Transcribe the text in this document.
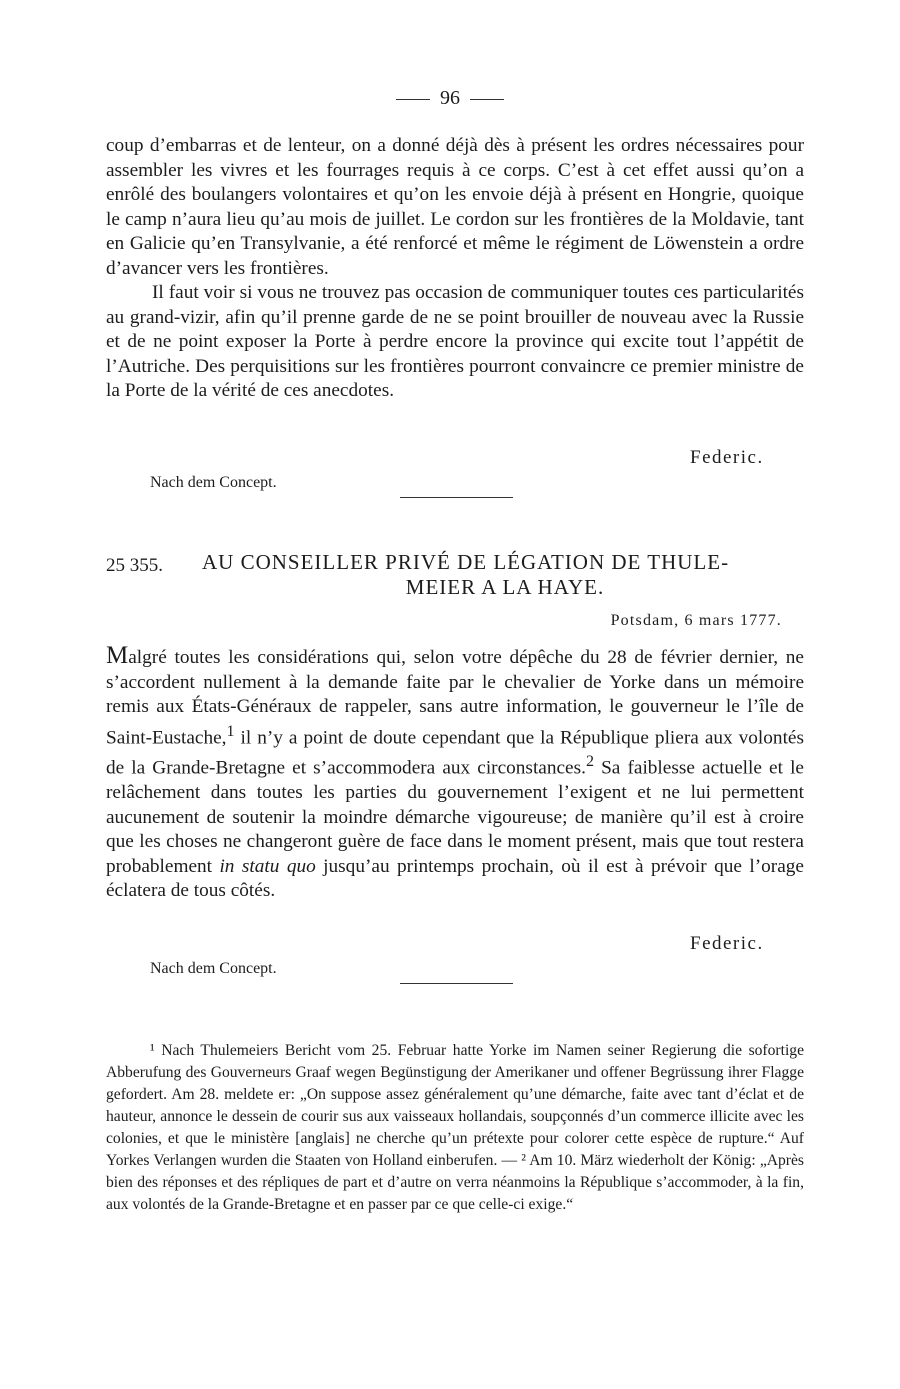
96

coup d’embarras et de lenteur, on a donné déjà dès à présent les ordres nécessaires pour assembler les vivres et les fourrages requis à ce corps. C’est à cet effet aussi qu’on a enrôlé des boulangers volontaires et qu’on les envoie déjà à présent en Hongrie, quoique le camp n’aura lieu qu’au mois de juillet. Le cordon sur les frontières de la Moldavie, tant en Galicie qu’en Transylvanie, a été renforcé et même le régiment de Löwenstein a ordre d’avancer vers les frontières.

Il faut voir si vous ne trouvez pas occasion de communiquer toutes ces particularités au grand-vizir, afin qu’il prenne garde de ne se point brouiller de nouveau avec la Russie et de ne point exposer la Porte à perdre encore la province qui excite tout l’appétit de l’Autriche. Des perquisitions sur les frontières pourront convaincre ce premier ministre de la Porte de la vérité de ces anecdotes.

Federic.
Nach dem Concept.
25 355.	AU CONSEILLER PRIVÉ DE LÉGATION DE THULE-
MEIER A LA HAYE.
Potsdam, 6 mars 1777.

Malgré toutes les considérations qui, selon votre dépêche du 28 de février dernier, ne s’accordent nullement à la demande faite par le chevalier de Yorke dans un mémoire remis aux États-Généraux de rappeler, sans autre information, le gouverneur le l’île de Saint-Eustache,$^1$ il n’y a point de doute cependant que la République pliera aux volontés de la Grande-Bretagne et s’accommodera aux circonstances.$^2$ Sa faiblesse actuelle et le relâchement dans toutes les parties du gouvernement l’exigent et ne lui permettent aucunement de soutenir la moindre démarche vigoureuse; de manière qu’il est à croire que les choses ne changeront guère de face dans le moment présent, mais que tout restera probablement in statu quo jusqu’au printemps prochain, où il est à prévoir que l’orage éclatera de tous côtés.

Federic.
Nach dem Concept.

¹ Nach Thulemeiers Bericht vom 25. Februar hatte Yorke im Namen seiner Regierung die sofortige Abberufung des Gouverneurs Graaf wegen Begünstigung der Amerikaner und offener Begrüssung ihrer Flagge gefordert. Am 28. meldete er: „On suppose assez généralement qu’une démarche, faite avec tant d’éclat et de hauteur, annonce le dessein de courir sus aux vaisseaux hollandais, soupçonnés d’un commerce illicite avec les colonies, et que le ministère [anglais] ne cherche qu’un prétexte pour colorer cette espèce de rupture.“ Auf Yorkes Verlangen wurden die Staaten von Holland einberufen. — ² Am 10. März wiederholt der König: „Après bien des réponses et des répliques de part et d’autre on verra néanmoins la République s’accommoder, à la fin, aux volontés de la Grande-Bretagne et en passer par ce que celle-ci exige.“
